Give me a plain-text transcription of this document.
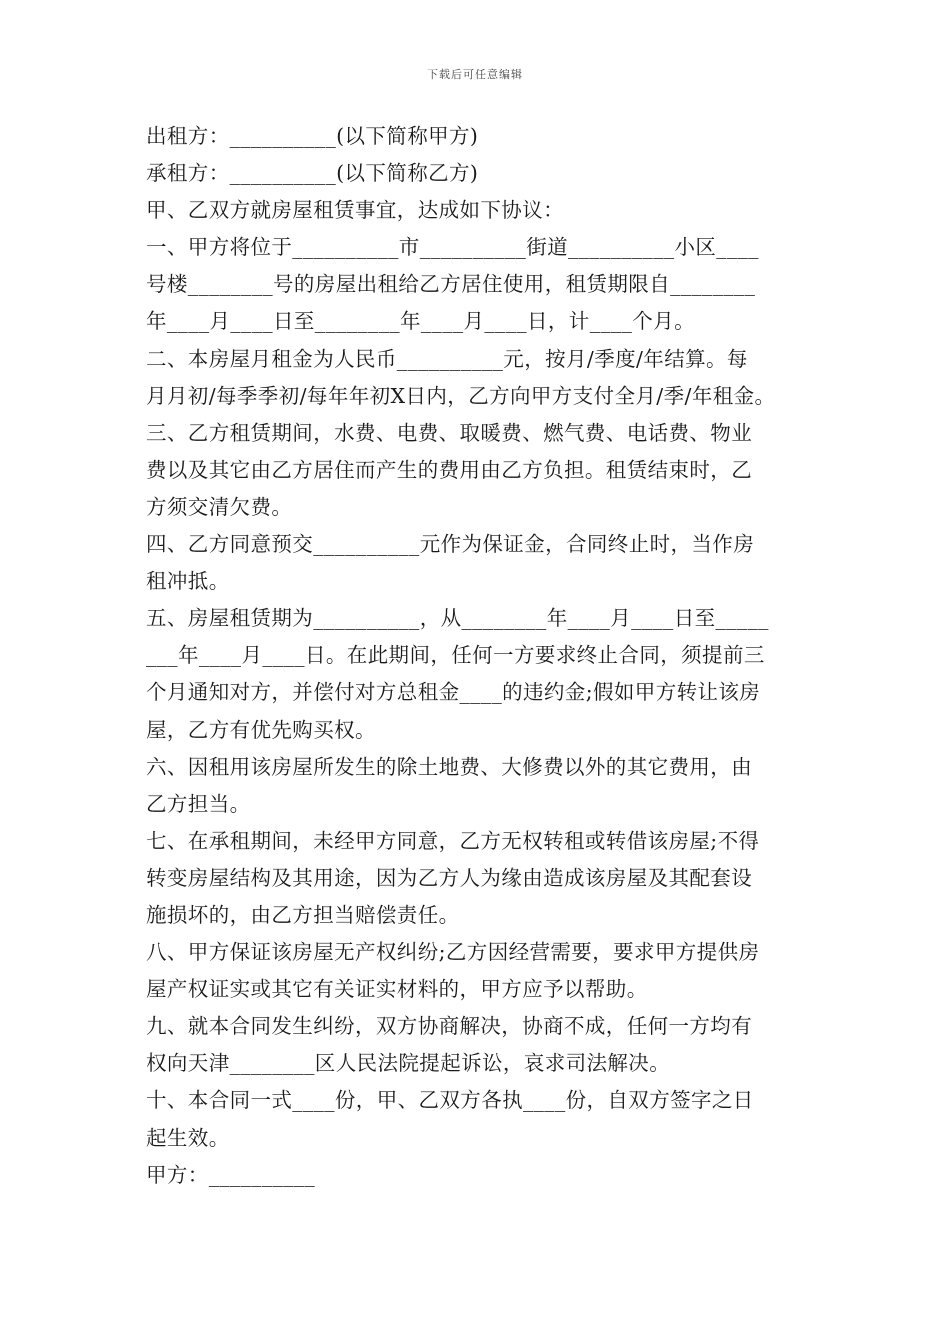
下载后可任意编辑
出租方：__________(以下简称甲方)
承租方：__________(以下简称乙方)
甲、乙双方就房屋租赁事宜，达成如下协议：
一、甲方将位于__________市__________街道__________小区____
号楼________号的房屋出租给乙方居住使用，租赁期限自________
年____月____日至________年____月____日，计____个月。
二、本房屋月租金为人民币__________元，按月/季度/年结算。每
月月初/每季季初/每年年初X日内，乙方向甲方支付全月/季/年租金。
三、乙方租赁期间，水费、电费、取暖费、燃气费、电话费、物业
费以及其它由乙方居住而产生的费用由乙方负担。租赁结束时，乙
方须交清欠费。
四、乙方同意预交__________元作为保证金，合同终止时，当作房
租冲抵。
五、房屋租赁期为__________，从________年____月____日至_____
___年____月____日。在此期间，任何一方要求终止合同，须提前三
个月通知对方，并偿付对方总租金____的违约金;假如甲方转让该房
屋，乙方有优先购买权。
六、因租用该房屋所发生的除土地费、大修费以外的其它费用，由
乙方担当。
七、在承租期间，未经甲方同意，乙方无权转租或转借该房屋;不得
转变房屋结构及其用途，因为乙方人为缘由造成该房屋及其配套设
施损坏的，由乙方担当赔偿责任。
八、甲方保证该房屋无产权纠纷;乙方因经营需要，要求甲方提供房
屋产权证实或其它有关证实材料的，甲方应予以帮助。
九、就本合同发生纠纷，双方协商解决，协商不成，任何一方均有
权向天津________区人民法院提起诉讼，哀求司法解决。
十、本合同一式____份，甲、乙双方各执____份，自双方签字之日
起生效。
甲方：__________
